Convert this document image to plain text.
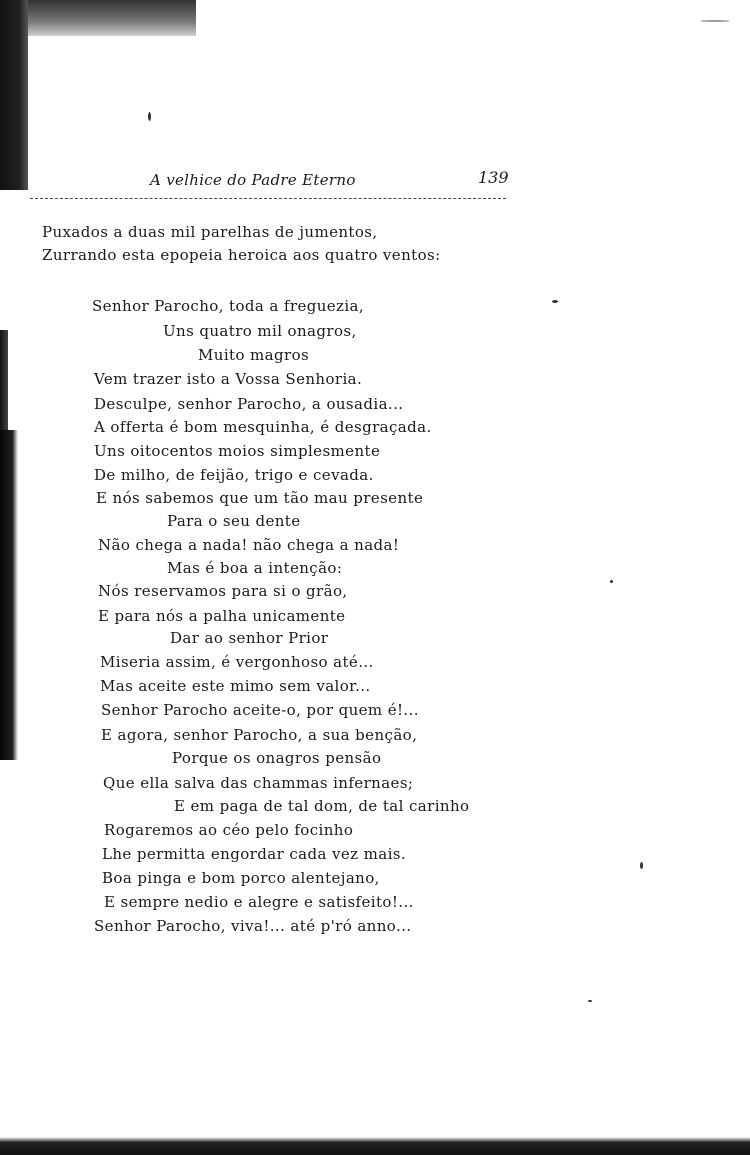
A velhice do Padre Eterno	139
Puxados a duas mil parelhas de jumentos,
Zurrando esta epopeia heroica aos quatro ventos:
Senhor Parocho, toda a freguezia,
Uns quatro mil onagros,
Muito magros
Vem trazer isto a Vossa Senhoria.
Desculpe, senhor Parocho, a ousadia...
A offerta é bom mesquinha, é desgraçada.
Uns oitocentos moios simplesmente
De milho, de feijão, trigo e cevada.
E nós sabemos que um tão mau presente
Para o seu dente
Não chega a nada! não chega a nada!
Mas é boa a intenção:
Nós reservamos para si o grão,
E para nós a palha unicamente
Dar ao senhor Prior
Miseria assim, é vergonhoso até...
Mas aceite este mimo sem valor...
Senhor Parocho aceite-o, por quem é!...
E agora, senhor Parocho, a sua benção,
Porque os onagros pensão
Que ella salva das chammas infernaes;
E em paga de tal dom, de tal carinho
Rogaremos ao céo pelo focinho
Lhe permitta engordar cada vez mais.
Boa pinga e bom porco alentejano,
E sempre nedio e alegre e satisfeito!...
Senhor Parocho, viva!... até p'ró anno...
